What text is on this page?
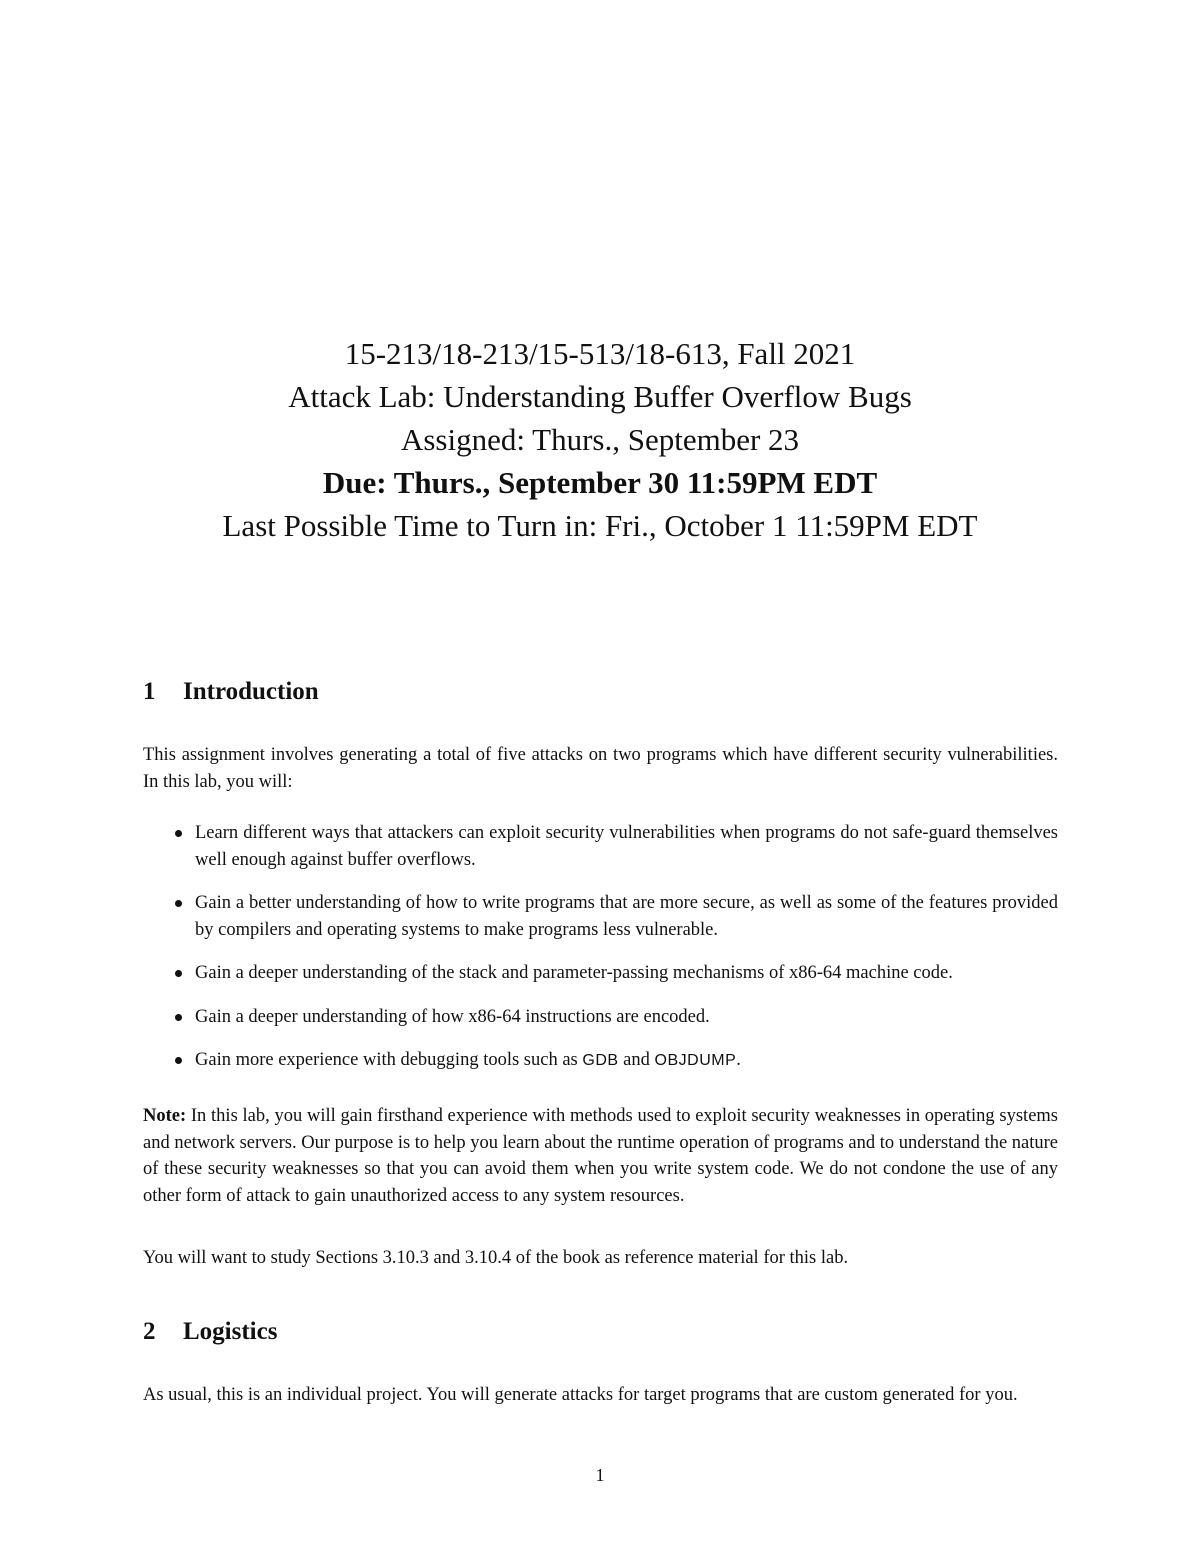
15-213/18-213/15-513/18-613, Fall 2021
Attack Lab: Understanding Buffer Overflow Bugs
Assigned: Thurs., September 23
Due: Thurs., September 30 11:59PM EDT
Last Possible Time to Turn in: Fri., October 1 11:59PM EDT
1 Introduction
This assignment involves generating a total of five attacks on two programs which have different security vulnerabilities. In this lab, you will:
Learn different ways that attackers can exploit security vulnerabilities when programs do not safe-guard themselves well enough against buffer overflows.
Gain a better understanding of how to write programs that are more secure, as well as some of the features provided by compilers and operating systems to make programs less vulnerable.
Gain a deeper understanding of the stack and parameter-passing mechanisms of x86-64 machine code.
Gain a deeper understanding of how x86-64 instructions are encoded.
Gain more experience with debugging tools such as GDB and OBJDUMP.
Note: In this lab, you will gain firsthand experience with methods used to exploit security weaknesses in operating systems and network servers. Our purpose is to help you learn about the runtime operation of programs and to understand the nature of these security weaknesses so that you can avoid them when you write system code. We do not condone the use of any other form of attack to gain unauthorized access to any system resources.
You will want to study Sections 3.10.3 and 3.10.4 of the book as reference material for this lab.
2 Logistics
As usual, this is an individual project. You will generate attacks for target programs that are custom generated for you.
1
